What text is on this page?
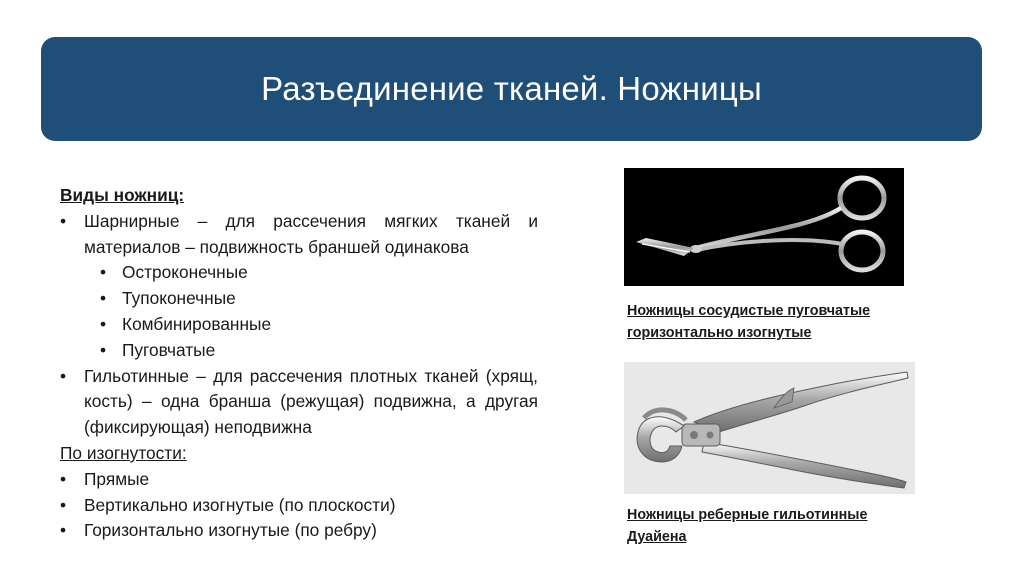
Разъединение тканей. Ножницы
Виды ножниц:
• Шарнирные – для рассечения мягких тканей и материалов – подвижность браншей одинакова
• Остроконечные
• Тупоконечные
• Комбинированные
• Пуговчатые
• Гильотинные – для рассечения плотных тканей (хрящ, кость) – одна бранша (режущая) подвижна, а другая (фиксирующая) неподвижна
По изогнутости:
• Прямые
• Вертикально изогнутые (по плоскости)
• Горизонтально изогнутые (по ребру)
Ножницы сосудистые пуговчатые
горизонтально изогнутые
Ножницы реберные гильотинные
Дуайена
